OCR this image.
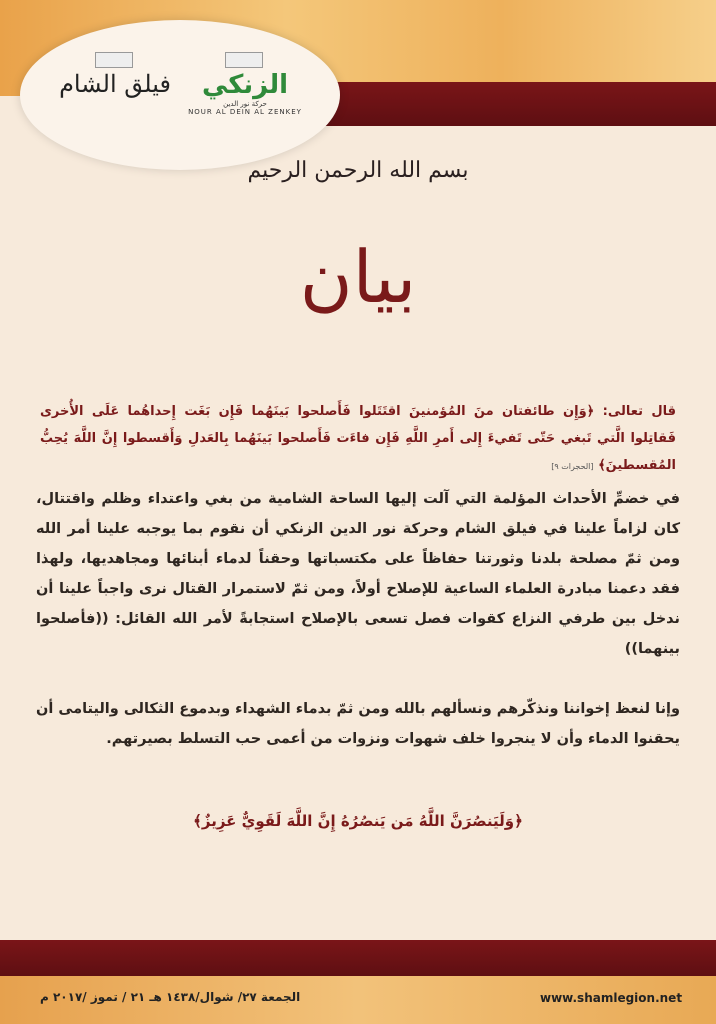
فيلق الشام	الزنكي
حركة نور الدين
NOUR AL DEIN AL ZENKEY
بسم الله الرحمن الرحيم
بيان
قال تعالى: ﴿وَإِن طائفتان منَ المُؤمنينَ اقتَتَلوا فَأَصلحوا بَينَهُما فَإِن بَغَت إِحداهُما عَلَى الأُخرى فَقاتِلوا الَّتي تَبغي حَتّى تَفيءَ إِلى أَمرِ اللَّهِ فَإِن فاءَت فَأَصلحوا بَينَهُما بِالعَدلِ وَأَقسطوا إِنَّ اللَّهَ يُحِبُّ المُقسطينَ﴾ [الحجرات ٩]
في خضمِّ الأحداث المؤلمة التي آلت إليها الساحة الشامية من بغي واعتداء وظلم واقتتال، كان لزاماً علينا في فيلق الشام وحركة نور الدين الزنكي أن نقوم بما يوجبه علينا أمر الله ومن ثمّ مصلحة بلدنا وثورتنا حفاظاً على مكتسباتها وحقناً لدماء أبنائها ومجاهديها، ولهذا فقد دعمنا مبادرة العلماء الساعية للإصلاح أولاً، ومن ثمّ لاستمرار القتال نرى واجباً علينا أن ندخل بين طرفي النزاع كقوات فصل تسعى بالإصلاح استجابةً لأمر الله القائل: ((فأصلحوا بينهما))
وإنا لنعظ إخواننا ونذكّرهم ونسألهم بالله ومن ثمّ بدماء الشهداء وبدموع الثكالى واليتامى أن يحقنوا الدماء وأن لا ينجروا خلف شهوات ونزوات من أعمى حب التسلط بصيرتهم.
﴿وَلَيَنصُرَنَّ اللَّهُ مَن يَنصُرُهُ إِنَّ اللَّهَ لَقَوِيٌّ عَزِيزٌ﴾
www.shamlegion.net
الجمعة ٢٧/ شوال/١٤٣٨ هـ ٢١ / تموز /٢٠١٧ م
